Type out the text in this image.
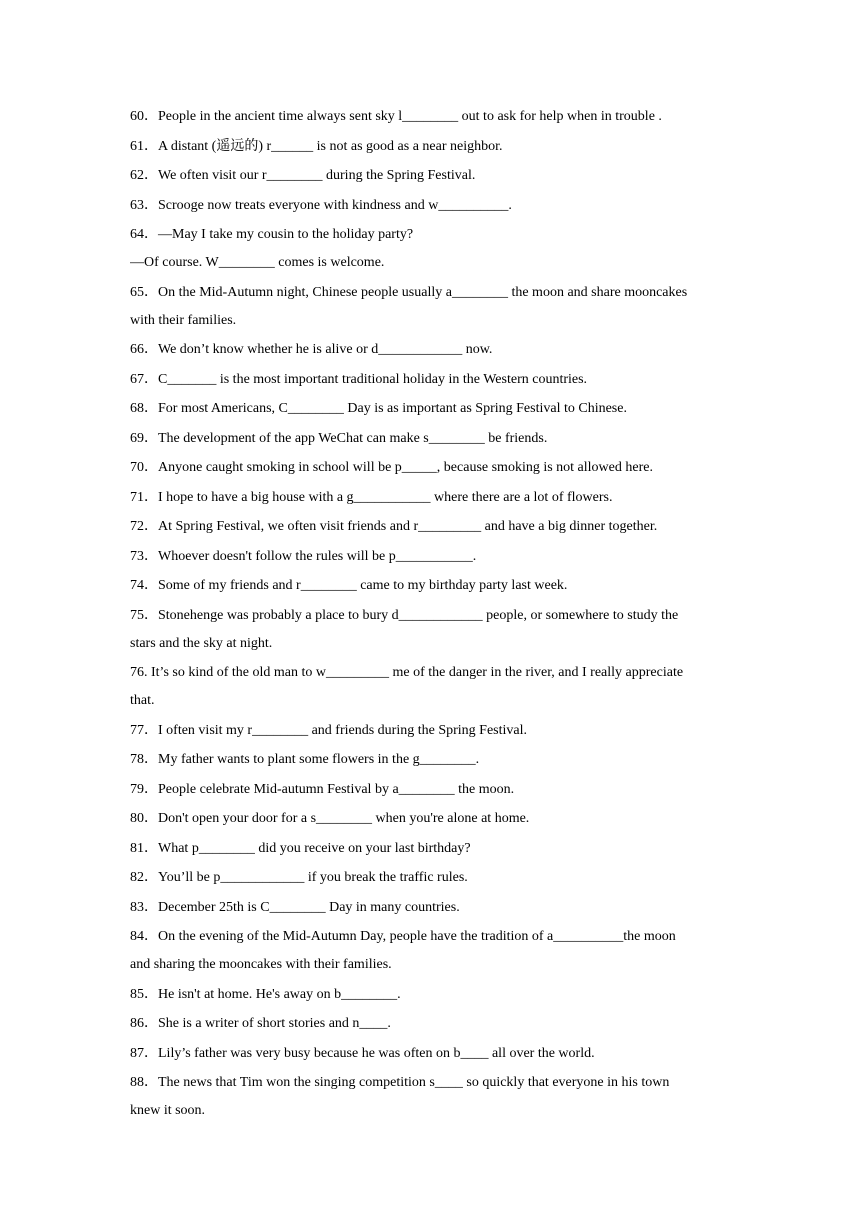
60．People in the ancient time always sent sky l________ out to ask for help when in trouble .
61．A distant (遥远的) r______ is not as good as a near neighbor.
62．We often visit our r________ during the Spring Festival.
63．Scrooge now treats everyone with kindness and w__________.
64．—May I take my cousin to the holiday party?
—Of course. W________ comes is welcome.
65．On the Mid-Autumn night, Chinese people usually a________ the moon and share mooncakes
with their families.
66．We don’t know whether he is alive or d____________ now.
67．C_______ is the most important traditional holiday in the Western countries.
68．For most Americans, C________ Day is as important as Spring Festival to Chinese.
69．The development of the app WeChat can make s________ be friends.
70．Anyone caught smoking in school will be p_____, because smoking is not allowed here.
71．I hope to have a big house with a g___________ where there are a lot of flowers.
72．At Spring Festival, we often visit friends and r_________ and have a big dinner together.
73．Whoever doesn't follow the rules will be p___________.
74．Some of my friends and r________ came to my birthday party last week.
75．Stonehenge was probably a place to bury d____________ people, or somewhere to study the
stars and the sky at night.
76. It’s so kind of the old man to w_________ me of the danger in the river, and I really appreciate
that.
77．I often visit my r________ and friends during the Spring Festival.
78．My father wants to plant some flowers in the g________.
79．People celebrate Mid-autumn Festival by a________ the moon.
80．Don't open your door for a s________ when you're alone at home.
81．What p________ did you receive on your last birthday?
82．You’ll be p____________ if you break the traffic rules.
83．December 25th is C________ Day in many countries.
84．On the evening of the Mid-Autumn Day, people have the tradition of a__________the moon
and sharing the mooncakes with their families.
85．He isn't at home. He's away on b________.
86．She is a writer of short stories and n____.
87．Lily’s father was very busy because he was often on b____ all over the world.
88．The news that Tim won the singing competition s____ so quickly that everyone in his town
knew it soon.
